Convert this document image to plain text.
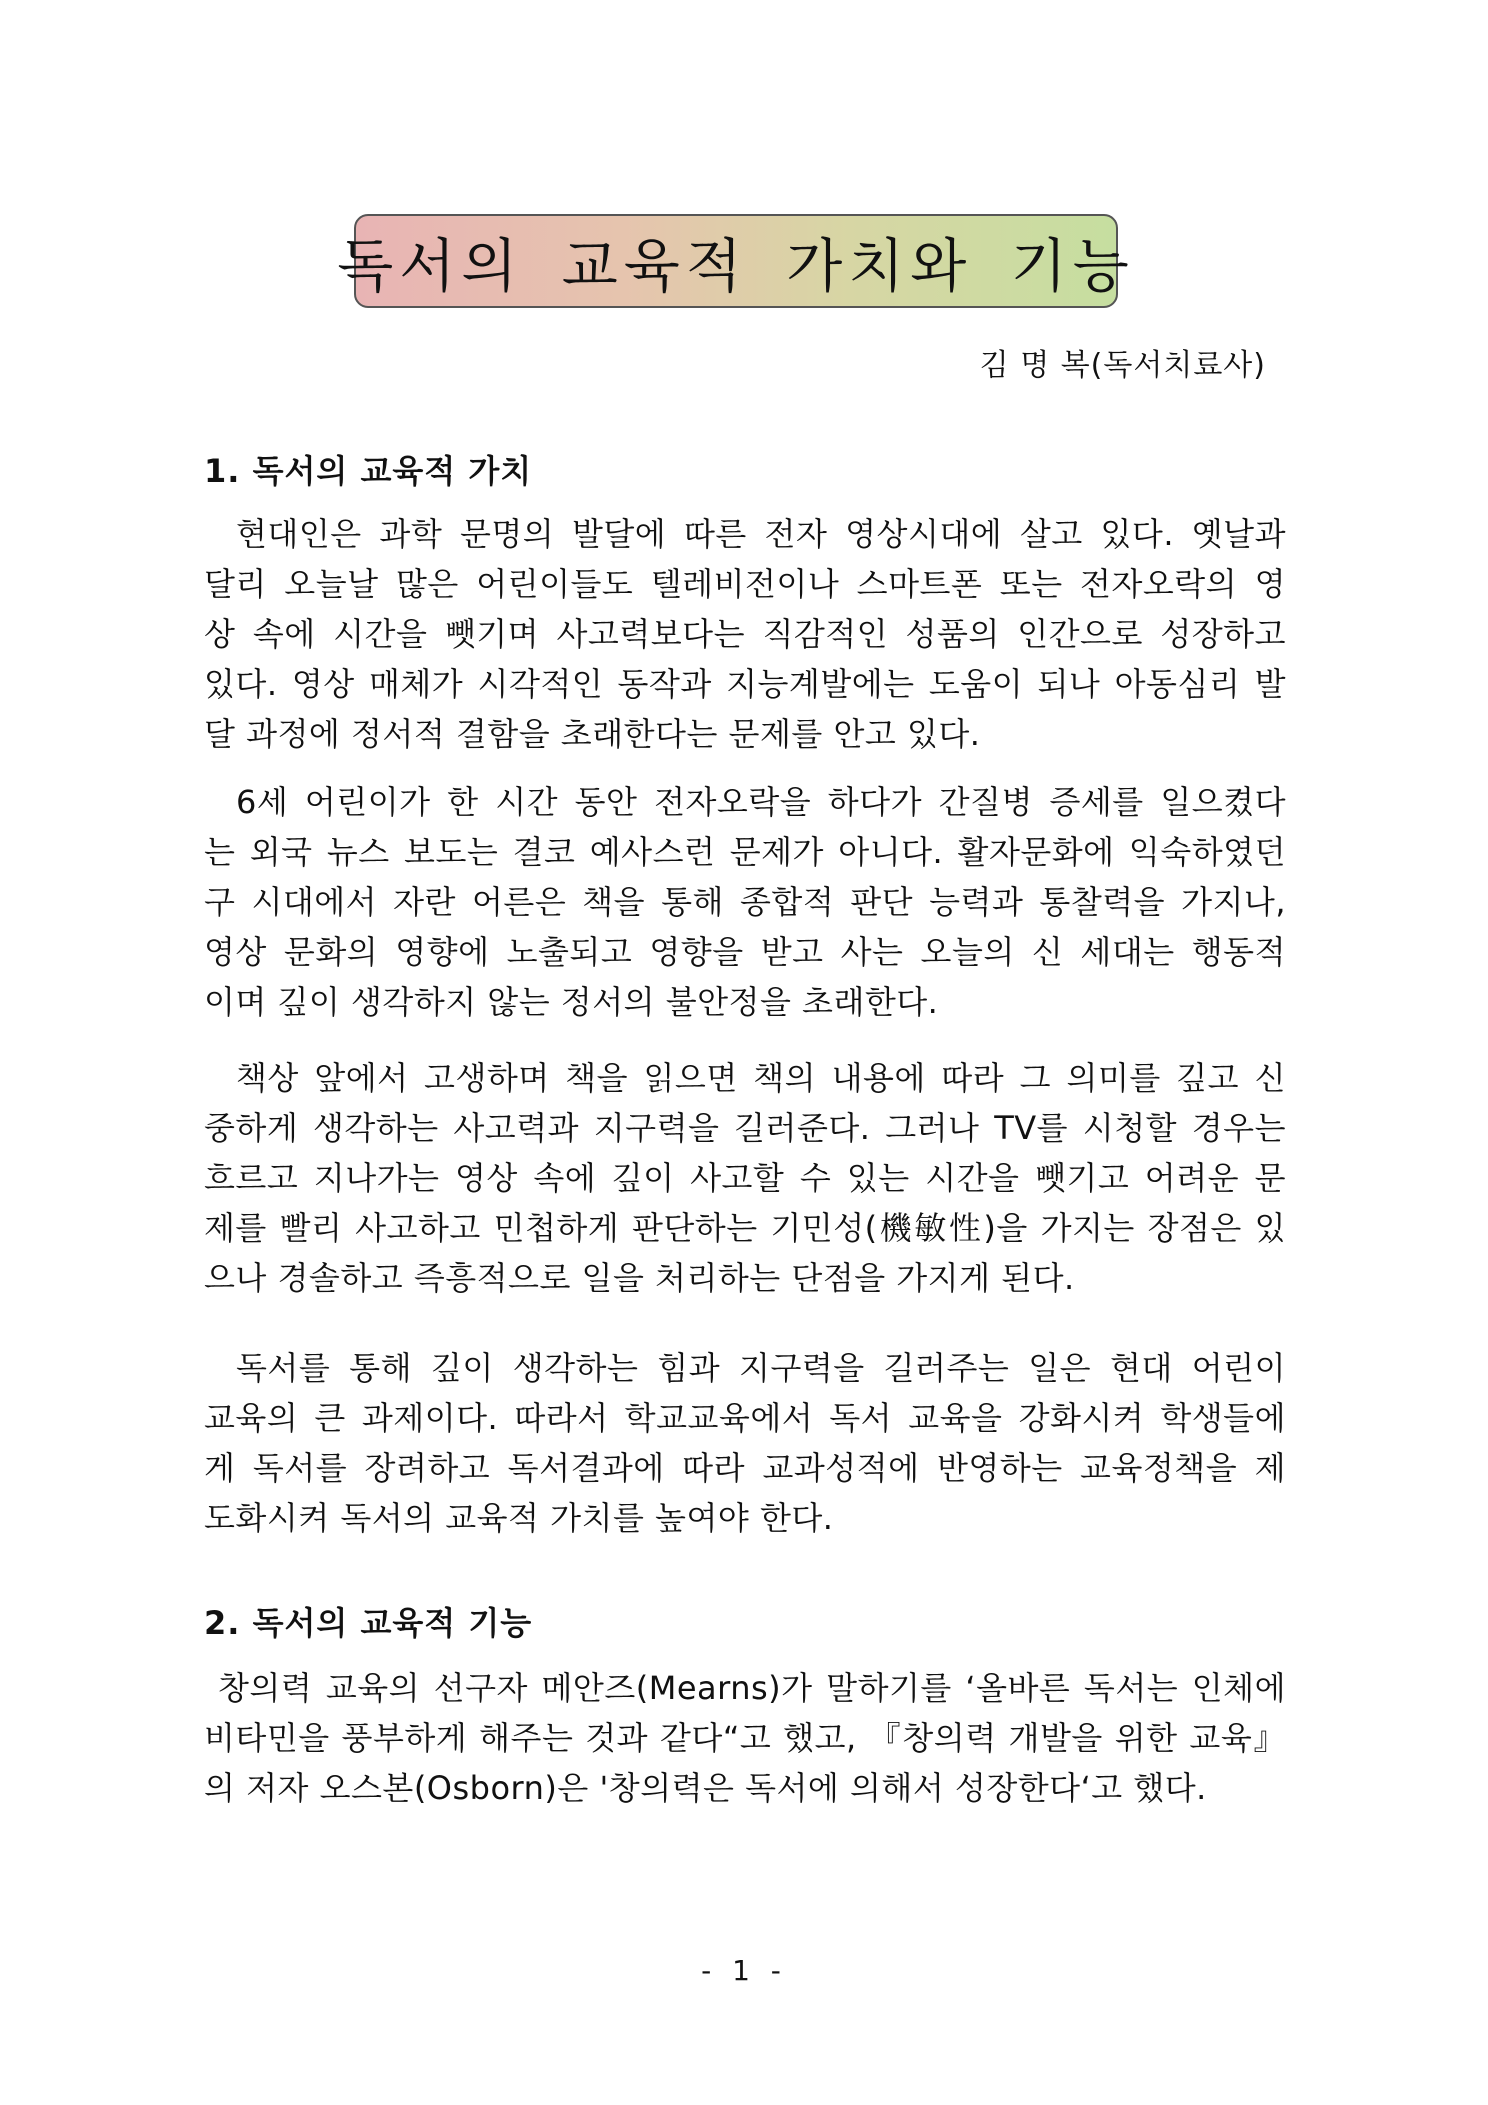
독서의 교육적 가치와 기능
김 명 복(독서치료사)
1. 독서의 교육적 가치
현대인은 과학 문명의 발달에 따른 전자 영상시대에 살고 있다. 옛날과
달리 오늘날 많은 어린이들도 텔레비전이나 스마트폰 또는 전자오락의 영
상 속에 시간을 뺏기며 사고력보다는 직감적인 성품의 인간으로 성장하고
있다. 영상 매체가 시각적인 동작과 지능계발에는 도움이 되나 아동심리 발
달 과정에 정서적 결함을 초래한다는 문제를 안고 있다.
6세 어린이가 한 시간 동안 전자오락을 하다가 간질병 증세를 일으켰다
는 외국 뉴스 보도는 결코 예사스런 문제가 아니다. 활자문화에 익숙하였던
구 시대에서 자란 어른은 책을 통해 종합적 판단 능력과 통찰력을 가지나,
영상 문화의 영향에 노출되고 영향을 받고 사는 오늘의 신 세대는 행동적
이며 깊이 생각하지 않는 정서의 불안정을 초래한다.
책상 앞에서 고생하며 책을 읽으면 책의 내용에 따라 그 의미를 깊고 신
중하게 생각하는 사고력과 지구력을 길러준다. 그러나 TV를 시청할 경우는
흐르고 지나가는 영상 속에 깊이 사고할 수 있는 시간을 뺏기고 어려운 문
제를 빨리 사고하고 민첩하게 판단하는 기민성(機敏性)을 가지는 장점은 있
으나 경솔하고 즉흥적으로 일을 처리하는 단점을 가지게 된다.
독서를 통해 깊이 생각하는 힘과 지구력을 길러주는 일은 현대 어린이
교육의 큰 과제이다. 따라서 학교교육에서 독서 교육을 강화시켜 학생들에
게 독서를 장려하고 독서결과에 따라 교과성적에 반영하는 교육정책을 제
도화시켜 독서의 교육적 가치를 높여야 한다.
2. 독서의 교육적 기능
창의력 교육의 선구자 메안즈(Mearns)가 말하기를 ‘올바른 독서는 인체에
비타민을 풍부하게 해주는 것과 같다“고 했고, 『창의력 개발을 위한 교육』
의 저자 오스본(Osborn)은 '창의력은 독서에 의해서 성장한다‘고 했다.
- 1 -
